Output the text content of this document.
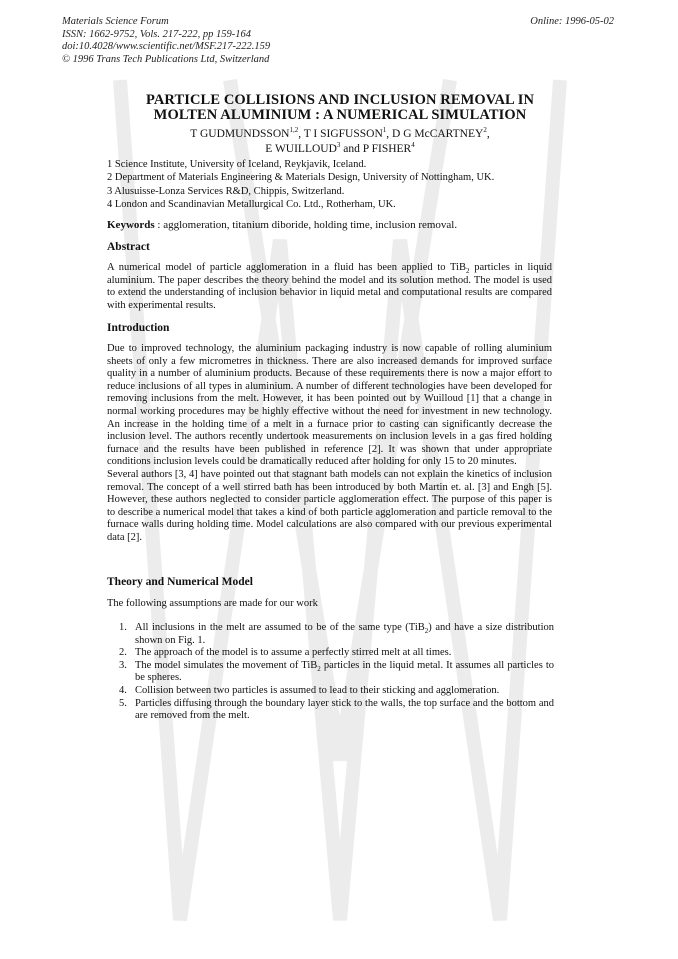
Materials Science Forum
ISSN: 1662-9752, Vols. 217-222, pp 159-164
doi:10.4028/www.scientific.net/MSF.217-222.159
© 1996 Trans Tech Publications Ltd, Switzerland
Online: 1996-05-02
PARTICLE COLLISIONS AND INCLUSION REMOVAL IN
MOLTEN ALUMINIUM : A NUMERICAL SIMULATION
T GUDMUNDSSON$^{1,2}$, T I SIGFUSSON$^1$, D G McCARTNEY$^2$,
E WUILLOUD$^3$ and P FISHER$^4$
1 Science Institute, University of Iceland, Reykjavik, Iceland.
2 Department of Materials Engineering & Materials Design, University of Nottingham, UK.
3 Alusuisse-Lonza Services R&D, Chippis, Switzerland.
4 London and Scandinavian Metallurgical Co. Ltd., Rotherham, UK.
Keywords : agglomeration, titanium diboride, holding time, inclusion removal.
Abstract

A numerical model of particle agglomeration in a fluid has been applied to TiB$_2$ particles in liquid aluminium. The paper describes the theory behind the model and its solution method. The model is used to extend the understanding of inclusion behavior in liquid metal and computational results are compared with experimental results.

Introduction

Due to improved technology, the aluminium packaging industry is now capable of rolling aluminium sheets of only a few micrometres in thickness. There are also increased demands for improved surface quality in a number of aluminium products. Because of these requirements there is now a major effort to reduce inclusions of all types in aluminium. A number of different technologies have been developed for removing inclusions from the melt. However, it has been pointed out by Wuilloud [1] that a change in normal working procedures may be highly effective without the need for investment in new technology. An increase in the holding time of a melt in a furnace prior to casting can significantly decrease the inclusion level. The authors recently undertook measurements on inclusion levels in a gas fired holding furnace and the results have been published in reference [2]. It was shown that under appropriate conditions inclusion levels could be dramatically reduced after holding for only 15 to 20 minutes.

Several authors [3, 4] have pointed out that stagnant bath models can not explain the kinetics of inclusion removal. The concept of a well stirred bath has been introduced by both Martin et. al. [3] and Engh [5]. However, these authors neglected to consider particle agglomeration effect. The purpose of this paper is to describe a numerical model that takes a kind of both particle agglomeration and particle removal to the furnace walls during holding time. Model calculations are also compared with our previous experimental data [2].

Theory and Numerical Model
The following assumptions are made for our work
1. All inclusions in the melt are assumed to be of the same type (TiB$_2$) and have a size distribution shown on Fig. 1.
2. The approach of the model is to assume a perfectly stirred melt at all times.
3. The model simulates the movement of TiB$_2$ particles in the liquid metal. It assumes all particles to be spheres.
4. Collision between two particles is assumed to lead to their sticking and agglomeration.
5. Particles diffusing through the boundary layer stick to the walls, the top surface and the bottom and are removed from the melt.
